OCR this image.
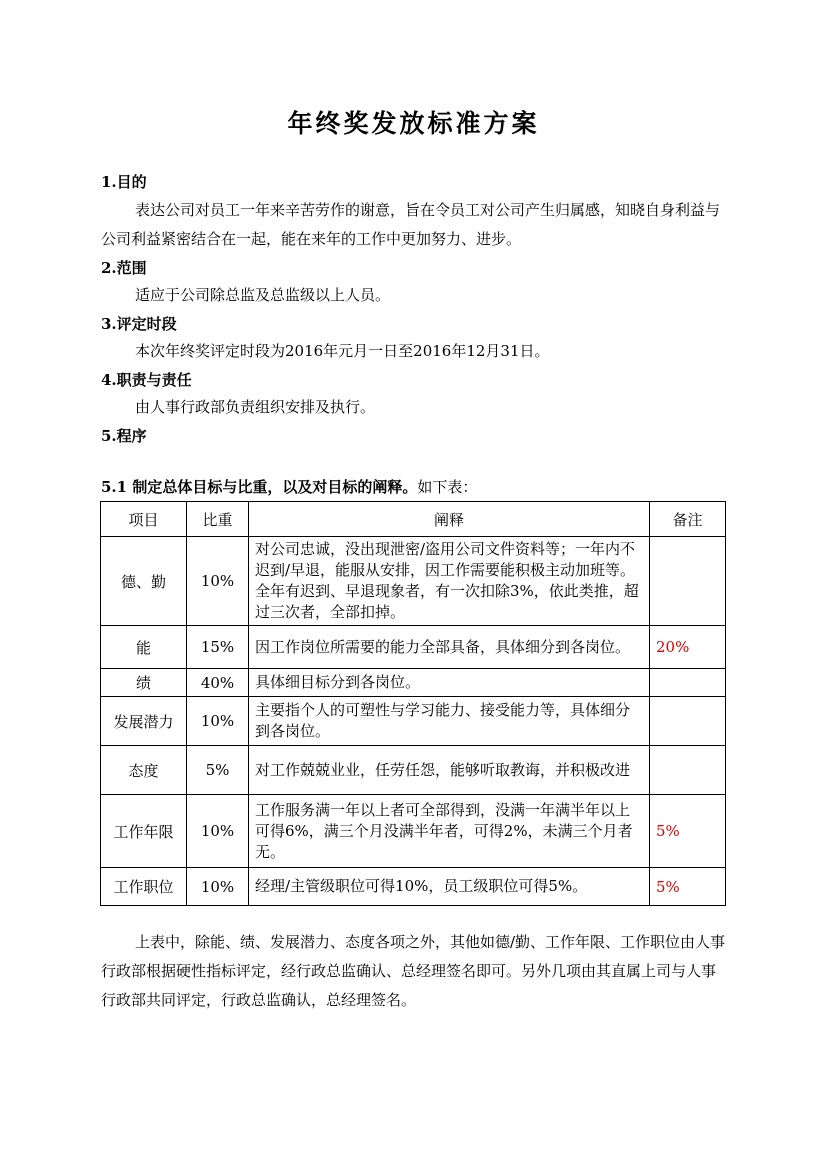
年终奖发放标准方案
1.目的
表达公司对员工一年来辛苦劳作的谢意，旨在令员工对公司产生归属感，知晓自身利益与公司利益紧密结合在一起，能在来年的工作中更加努力、进步。
2.范围
适应于公司除总监及总监级以上人员。
3.评定时段
本次年终奖评定时段为2016年元月一日至2016年12月31日。
4.职责与责任
由人事行政部负责组织安排及执行。
5.程序
5.1 制定总体目标与比重，以及对目标的阐释。如下表：
项目	比重	阐释	备注
德、勤	10%	对公司忠诚，没出现泄密/盗用公司文件资料等；一年内不迟到/早退，能服从安排，因工作需要能积极主动加班等。全年有迟到、早退现象者，有一次扣除3%，依此类推，超过三次者，全部扣掉。	
能	15%	因工作岗位所需要的能力全部具备，具体细分到各岗位。	20%
绩	40%	具体细目标分到各岗位。	
发展潜力	10%	主要指个人的可塑性与学习能力、接受能力等，具体细分到各岗位。	
态度	5%	对工作兢兢业业，任劳任怨，能够听取教诲，并积极改进	
工作年限	10%	工作服务满一年以上者可全部得到，没满一年满半年以上可得6%，满三个月没满半年者，可得2%，未满三个月者无。	5%
工作职位	10%	经理/主管级职位可得10%，员工级职位可得5%。	5%
上表中，除能、绩、发展潜力、态度各项之外，其他如德/勤、工作年限、工作职位由人事行政部根据硬性指标评定，经行政总监确认、总经理签名即可。另外几项由其直属上司与人事行政部共同评定，行政总监确认，总经理签名。
